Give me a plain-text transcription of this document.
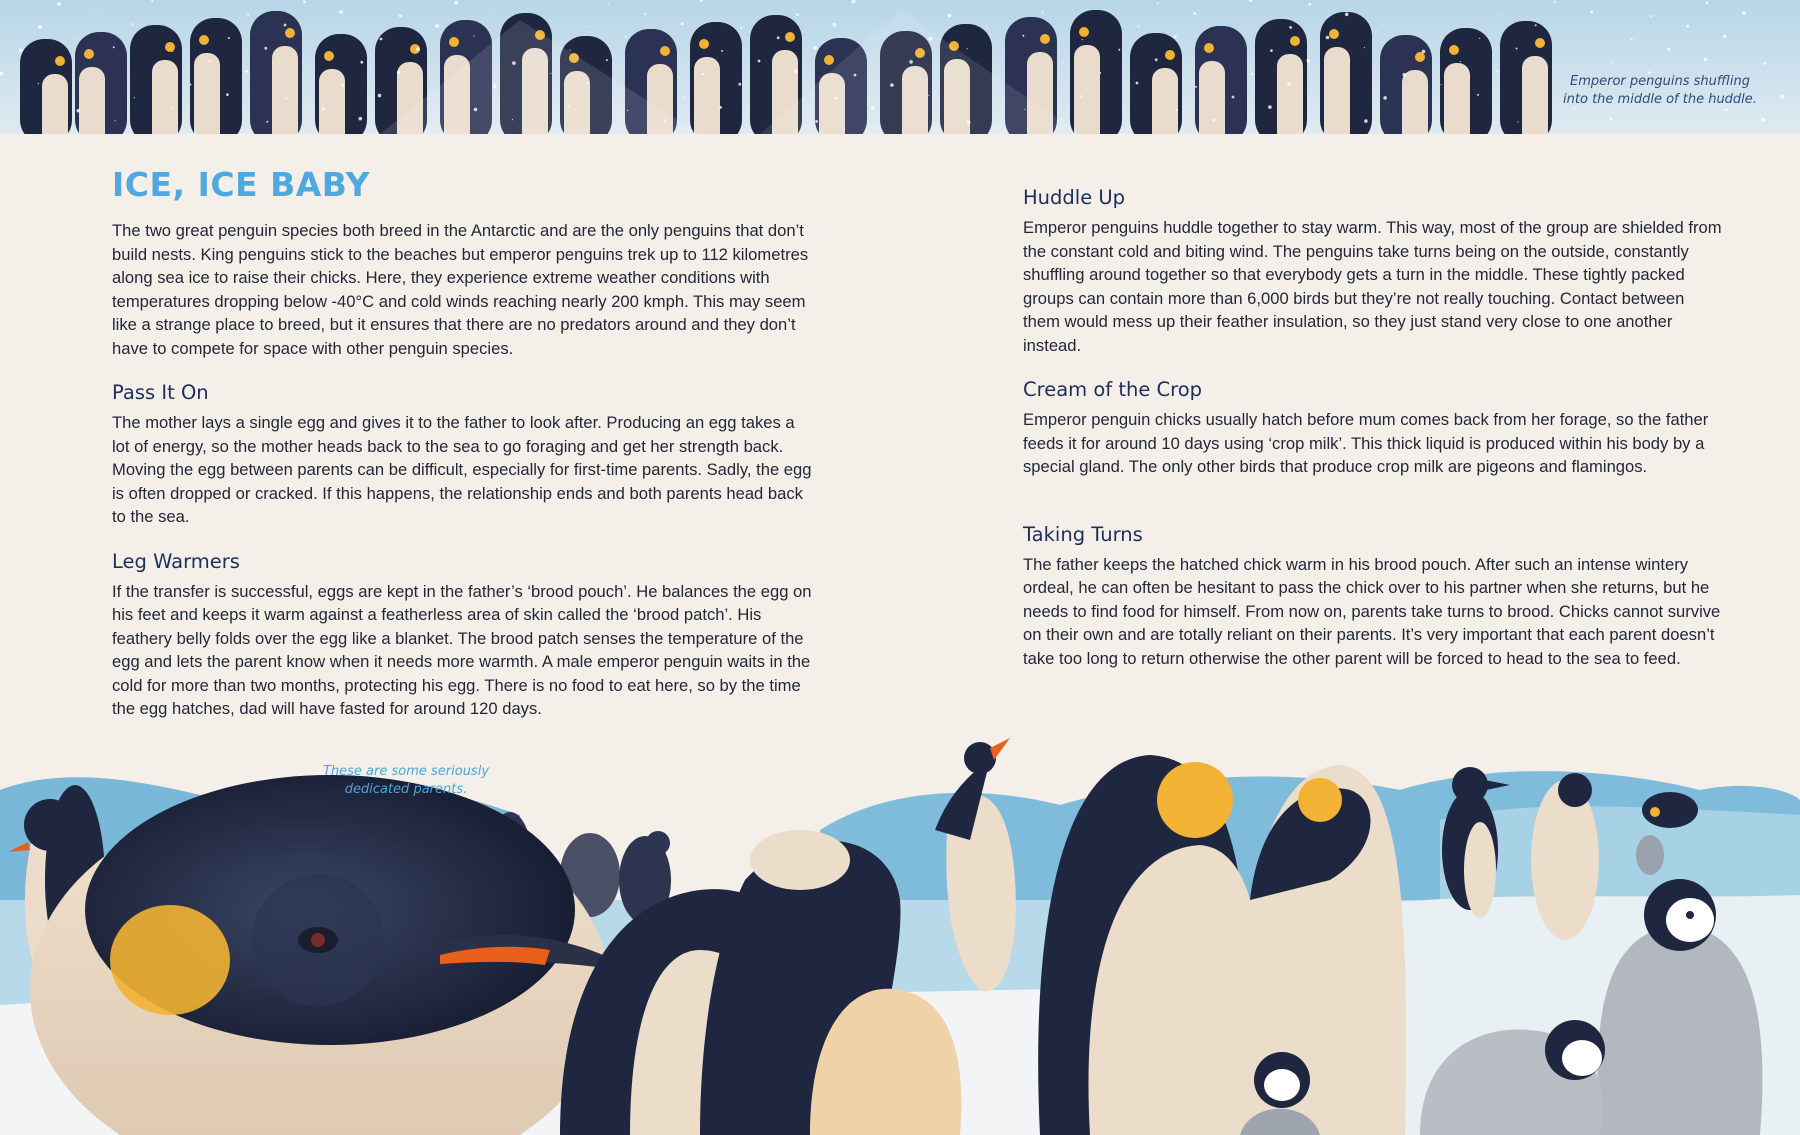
Emperor penguins shuffling into the middle of the huddle.
These are some seriously dedicated parents.
ICE, ICE BABY

The two great penguin species both breed in the Antarctic and are the only penguins that don’t build nests. King penguins stick to the beaches but emperor penguins trek up to 112 kilometres along sea ice to raise their chicks. Here, they experience extreme weather conditions with temperatures dropping below -40°C and cold winds reaching nearly 200 kmph. This may seem like a strange place to breed, but it ensures that there are no predators around and they don’t have to compete for space with other penguin species.

Pass It On

The mother lays a single egg and gives it to the father to look after. Producing an egg takes a lot of energy, so the mother heads back to the sea to go foraging and get her strength back. Moving the egg between parents can be difficult, especially for first-time parents. Sadly, the egg is often dropped or cracked. If this happens, the relationship ends and both parents head back to the sea.

Leg Warmers

If the transfer is successful, eggs are kept in the father’s ‘brood pouch’. He balances the egg on his feet and keeps it warm against a featherless area of skin called the ‘brood patch’. His feathery belly folds over the egg like a blanket. The brood patch senses the temperature of the egg and lets the parent know when it needs more warmth. A male emperor penguin waits in the cold for more than two months, protecting his egg. There is no food to eat here, so by the time the egg hatches, dad will have fasted for around 120 days.

Huddle Up

Emperor penguins huddle together to stay warm. This way, most of the group are shielded from the constant cold and biting wind. The penguins take turns being on the outside, constantly shuffling around together so that everybody gets a turn in the middle. These tightly packed groups can contain more than 6,000 birds but they’re not really touching. Contact between them would mess up their feather insulation, so they just stand very close to one another instead.

Cream of the Crop

Emperor penguin chicks usually hatch before mum comes back from her forage, so the father feeds it for around 10 days using ‘crop milk’. This thick liquid is produced within his body by a special gland. The only other birds that produce crop milk are pigeons and flamingos.

Taking Turns

The father keeps the hatched chick warm in his brood pouch. After such an intense wintery ordeal, he can often be hesitant to pass the chick over to his partner when she returns, but he needs to find food for himself. From now on, parents take turns to brood. Chicks cannot survive on their own and are totally reliant on their parents. It’s very important that each parent doesn’t take too long to return otherwise the other parent will be forced to head to the sea to feed.
